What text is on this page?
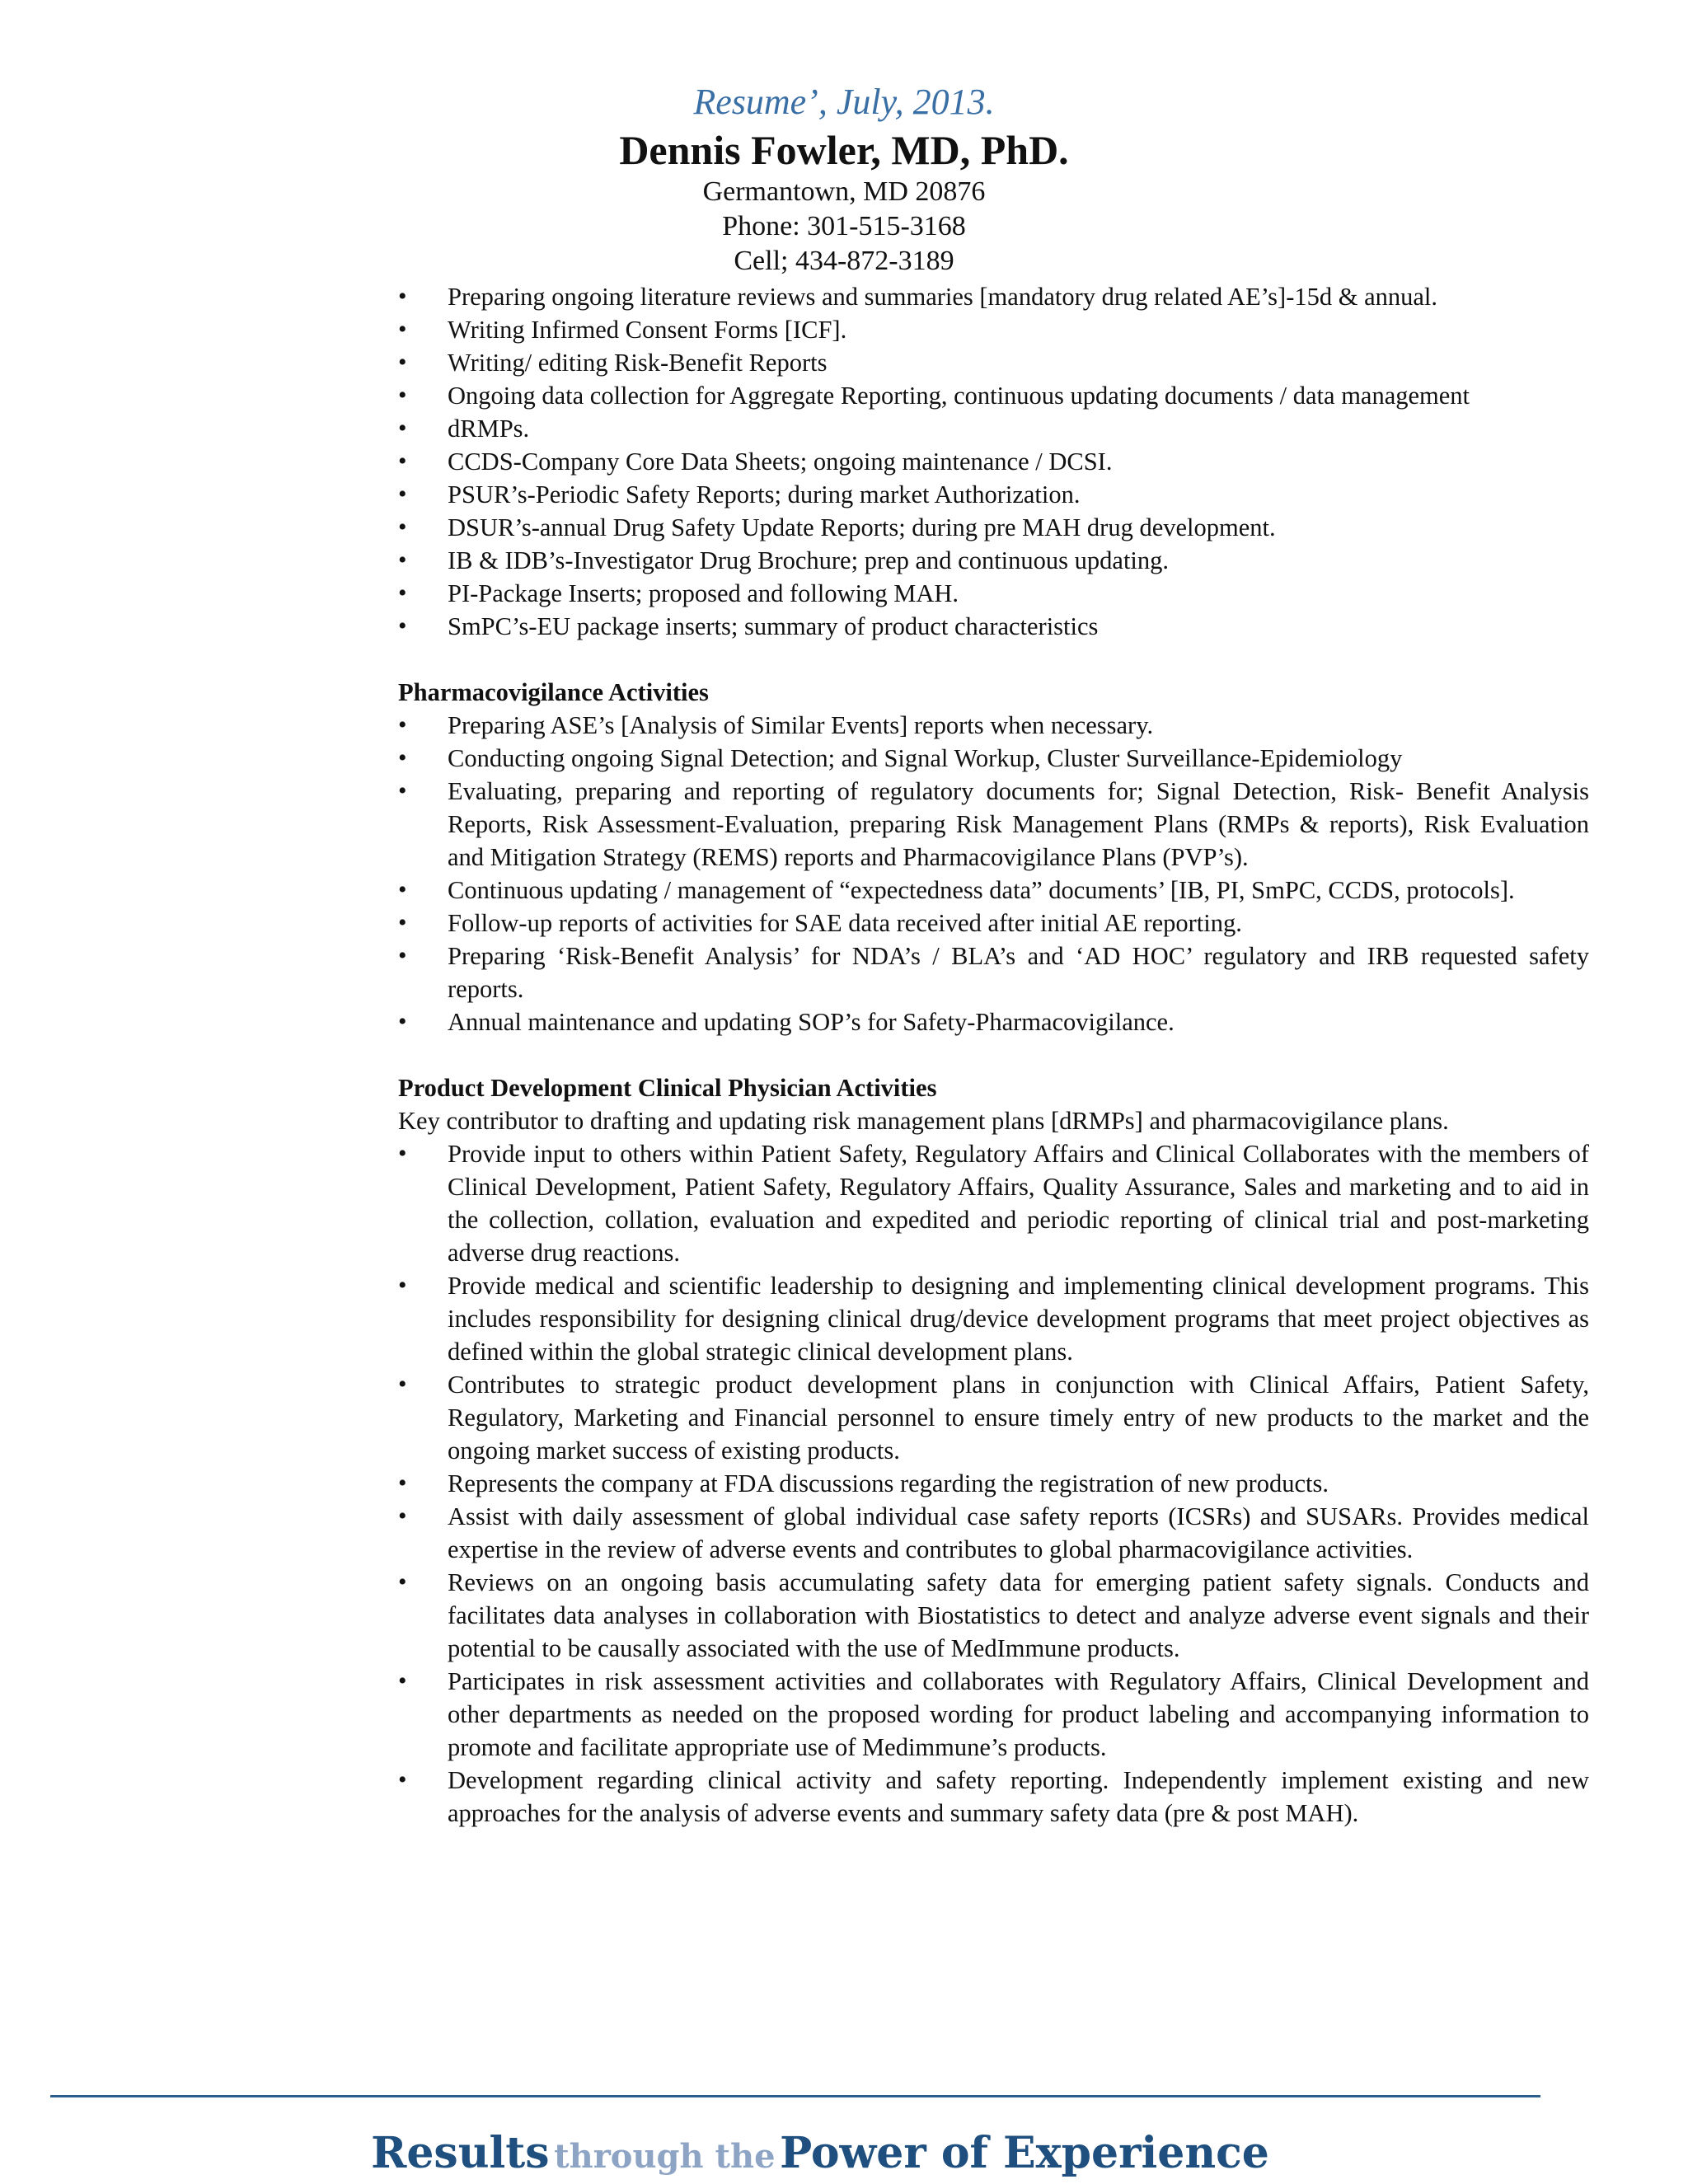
Resume’, July, 2013.
Dennis Fowler, MD, PhD.
Germantown, MD 20876
Phone: 301-515-3168
Cell; 434-872-3189
• Preparing ongoing literature reviews and summaries [mandatory drug related AE’s]-15d & annual.
• Writing Infirmed Consent Forms [ICF].
• Writing/ editing Risk-Benefit Reports
• Ongoing data collection for Aggregate Reporting, continuous updating documents / data management
• dRMPs.
• CCDS-Company Core Data Sheets; ongoing maintenance / DCSI.
• PSUR’s-Periodic Safety Reports; during market Authorization.
• DSUR’s-annual Drug Safety Update Reports; during pre MAH drug development.
• IB & IDB’s-Investigator Drug Brochure; prep and continuous updating.
• PI-Package Inserts; proposed and following MAH.
• SmPC’s-EU package inserts; summary of product characteristics
Pharmacovigilance Activities
• Preparing ASE’s [Analysis of Similar Events] reports when necessary.
• Conducting ongoing Signal Detection; and Signal Workup, Cluster Surveillance-Epidemiology
• Evaluating, preparing and reporting of regulatory documents for; Signal Detection, Risk- Benefit Analysis Reports, Risk Assessment-Evaluation, preparing Risk Management Plans (RMPs & reports), Risk Evaluation and Mitigation Strategy (REMS) reports and Pharmacovigilance Plans (PVP’s).
• Continuous updating / management of “expectedness data” documents’ [IB, PI, SmPC, CCDS, protocols].
• Follow-up reports of activities for SAE data received after initial AE reporting.
• Preparing ‘Risk-Benefit Analysis’ for NDA’s / BLA’s and ‘AD HOC’ regulatory and IRB requested safety reports.
• Annual maintenance and updating SOP’s for Safety-Pharmacovigilance.
Product Development Clinical Physician Activities
Key contributor to drafting and updating risk management plans [dRMPs] and pharmacovigilance plans.
• Provide input to others within Patient Safety, Regulatory Affairs and Clinical Collaborates with the members of Clinical Development, Patient Safety, Regulatory Affairs, Quality Assurance, Sales and marketing and to aid in the collection, collation, evaluation and expedited and periodic reporting of clinical trial and post-marketing adverse drug reactions.
• Provide medical and scientific leadership to designing and implementing clinical development programs. This includes responsibility for designing clinical drug/device development programs that meet project objectives as defined within the global strategic clinical development plans.
• Contributes to strategic product development plans in conjunction with Clinical Affairs, Patient Safety, Regulatory, Marketing and Financial personnel to ensure timely entry of new products to the market and the ongoing market success of existing products.
• Represents the company at FDA discussions regarding the registration of new products.
• Assist with daily assessment of global individual case safety reports (ICSRs) and SUSARs. Provides medical expertise in the review of adverse events and contributes to global pharmacovigilance activities.
• Reviews on an ongoing basis accumulating safety data for emerging patient safety signals. Conducts and facilitates data analyses in collaboration with Biostatistics to detect and analyze adverse event signals and their potential to be causally associated with the use of MedImmune products.
• Participates in risk assessment activities and collaborates with Regulatory Affairs, Clinical Development and other departments as needed on the proposed wording for product labeling and accompanying information to promote and facilitate appropriate use of Medimmune’s products.
• Development regarding clinical activity and safety reporting. Independently implement existing and new approaches for the analysis of adverse events and summary safety data (pre & post MAH).
Results through the Power of Experience
